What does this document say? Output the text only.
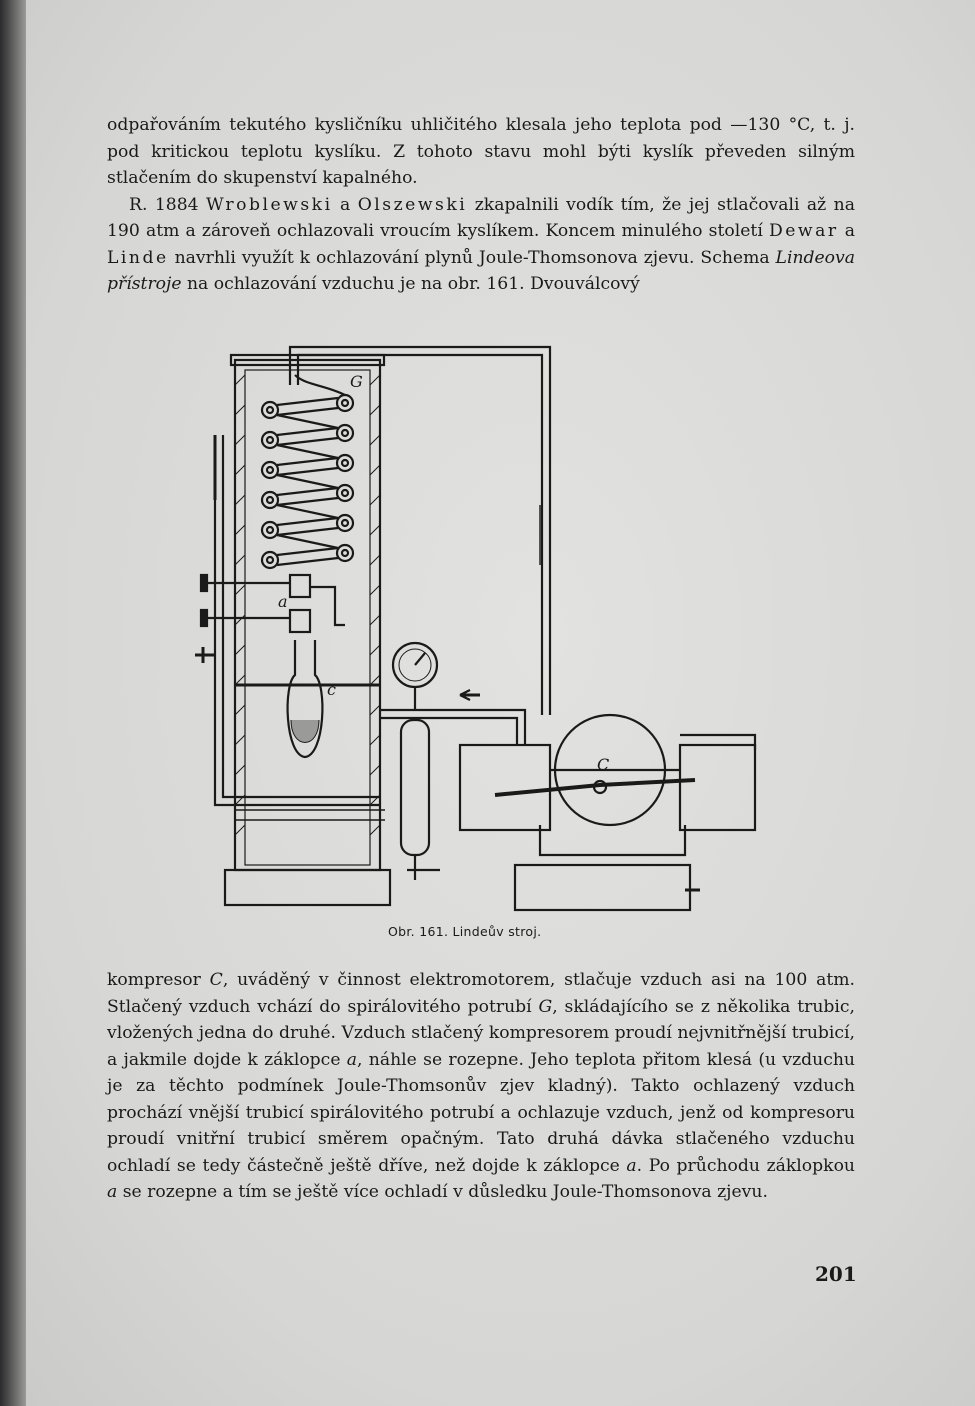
odpařováním tekutého kysličníku uhličitého klesala jeho teplota pod —130 °C, t. j. pod kritickou teplotu kyslíku. Z tohoto stavu mohl býti kyslík převeden silným stlačením do skupenství kapalného.

R. 1884 Wroblewski a Olszewski zkapalnili vodík tím, že jej stlačovali až na 190 atm a zároveň ochlazovali vroucím kyslíkem. Koncem minulého století Dewar a Linde navrhli využít k ochlazování plynů Joule-Thomsonova zjevu. Schema Lindeova přístroje na ochlazování vzduchu je na obr. 161. Dvouválcový

G
a
c
C
Obr. 161. Lindeův stroj.

kompresor C, uváděný v činnost elektromotorem, stlačuje vzduch asi na 100 atm. Stlačený vzduch vchází do spirálovitého potrubí G, skládajícího se z několika trubic, vložených jedna do druhé. Vzduch stlačený kompresorem proudí nejvnitřnější trubicí, a jakmile dojde k záklopce a, náhle se rozepne. Jeho teplota přitom klesá (u vzduchu je za těchto podmínek Joule-Thomsonův zjev kladný). Takto ochlazený vzduch prochází vnější trubicí spirálovitého potrubí a ochlazuje vzduch, jenž od kompresoru proudí vnitřní trubicí směrem opačným. Tato druhá dávka stlačeného vzduchu ochladí se tedy částečně ještě dříve, než dojde k záklopce a. Po průchodu záklopkou a se rozepne a tím se ještě více ochladí v důsledku Joule-Thomsonova zjevu.

201
